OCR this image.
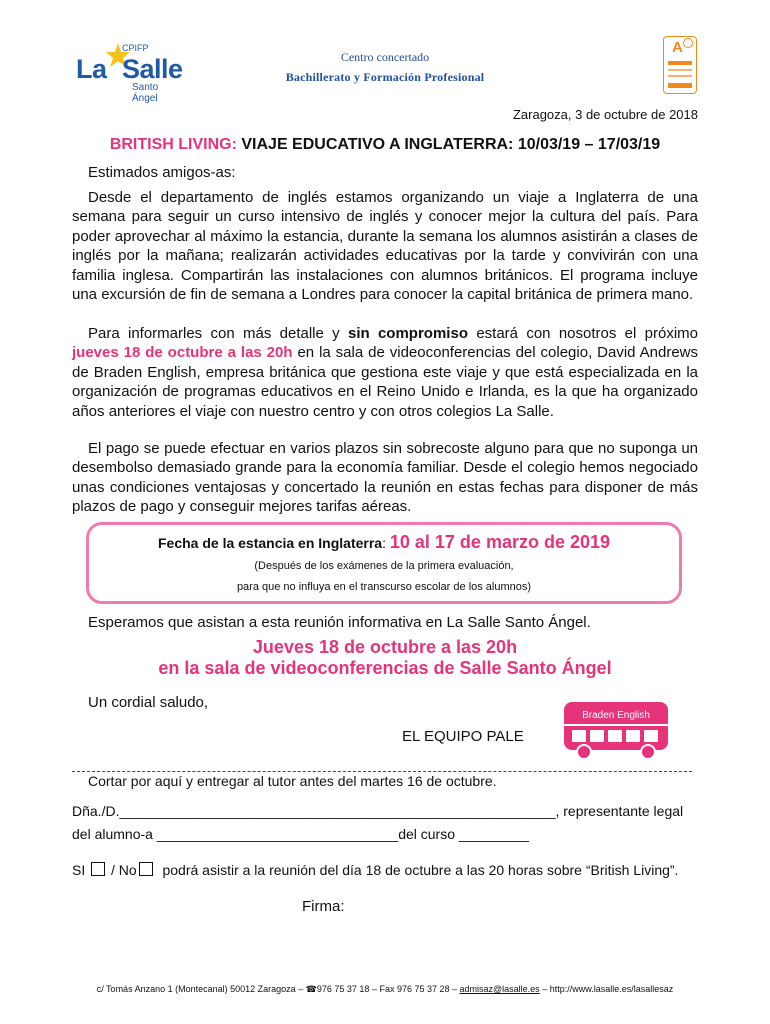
CPIFP
La Salle
Santo Ángel
Centro concertado
Bachillerato y Formación Profesional
A
Zaragoza, 3 de octubre de 2018
BRITISH LIVING: VIAJE EDUCATIVO A INGLATERRA: 10/03/19 – 17/03/19
Estimados amigos-as:
Desde el departamento de inglés estamos organizando un viaje a Inglaterra de una semana para seguir un curso intensivo de inglés y conocer mejor la cultura del país. Para poder aprovechar al máximo la estancia, durante la semana los alumnos asistirán a clases de inglés por la mañana; realizarán actividades educativas por la tarde y convivirán con una familia inglesa. Compartirán las instalaciones con alumnos británicos. El programa incluye una excursión de fin de semana a Londres para conocer la capital británica de primera mano.
Para informarles con más detalle y sin compromiso estará con nosotros el próximo jueves 18 de octubre a las 20h en la sala de videoconferencias del colegio, David Andrews de Braden English, empresa británica que gestiona este viaje y que está especializada en la organización de programas educativos en el Reino Unido e Irlanda, es la que ha organizado años anteriores el viaje con nuestro centro y con otros colegios La Salle.
El pago se puede efectuar en varios plazos sin sobrecoste alguno para que no suponga un desembolso demasiado grande para la economía familiar. Desde el colegio hemos negociado unas condiciones ventajosas y concertado la reunión en estas fechas para disponer de más plazos de pago y conseguir mejores tarifas aéreas.
Fecha de la estancia en Inglaterra: 10 al 17 de marzo de 2019
(Después de los exámenes de la primera evaluación,
para que no influya en el transcurso escolar de los alumnos)
Esperamos que asistan a esta reunión informativa en La Salle Santo Ángel.
Jueves 18 de octubre a las 20h
en la sala de videoconferencias de Salle Santo Ángel
Un cordial saludo,
EL EQUIPO PALE
Braden English
Cortar por aquí y entregar al tutor antes del martes 16 de octubre.
Dña./D.________________________________________________________, representante legal
del alumno-a _______________________________del curso _________
SI / No podrá asistir a la reunión del día 18 de octubre a las 20 horas sobre “British Living”.
Firma:
c/ Tomás Anzano 1 (Montecanal) 50012 Zaragoza – ☎976 75 37 18 – Fax 976 75 37 28 – admisaz@lasalle.es – http://www.lasalle.es/lasallesaz
